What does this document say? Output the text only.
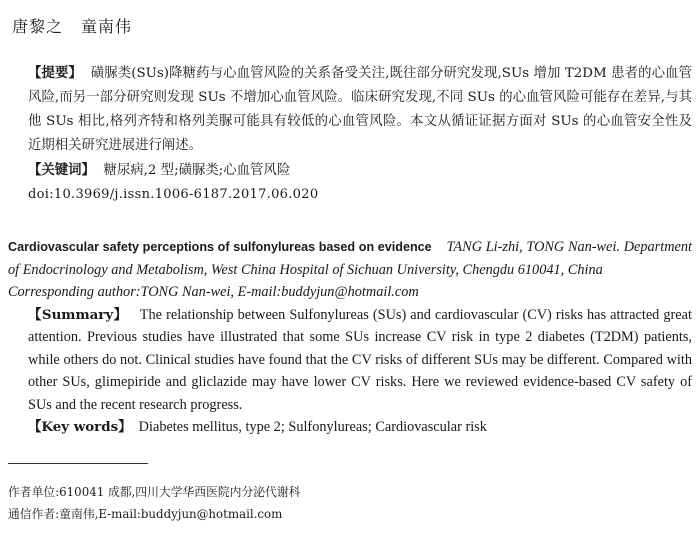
唐黎之 童南伟

【提要】 磺脲类(SUs)降糖药与心血管风险的关系备受关注,既往部分研究发现,SUs 增加 T2DM 患者的心血管风险,而另一部分研究则发现 SUs 不增加心血管风险。临床研究发现,不同 SUs 的心血管风险可能存在差异,与其他 SUs 相比,格列齐特和格列美脲可能具有较低的心血管风险。本文从循证证据方面对 SUs 的心血管安全性及近期相关研究进展进行阐述。

【关键词】 糖尿病,2 型;磺脲类;心血管风险

doi:10.3969/j.issn.1006-6187.2017.06.020

Cardiovascular safety perceptions of sulfonylureas based on evidence TANG Li-zhi, TONG Nan-wei. Department of Endocrinology and Metabolism, West China Hospital of Sichuan University, Chengdu 610041, China

Corresponding author:TONG Nan-wei, E-mail:buddyjun@hotmail.com

【Summary】 The relationship between Sulfonylureas (SUs) and cardiovascular (CV) risks has attracted great attention. Previous studies have illustrated that some SUs increase CV risk in type 2 diabetes (T2DM) patients, while others do not. Clinical studies have found that the CV risks of different SUs may be different. Compared with other SUs, glimepiride and gliclazide may have lower CV risks. Here we reviewed evidence-based CV safety of SUs and the recent research progress.

【Key words】 Diabetes mellitus, type 2; Sulfonylureas; Cardiovascular risk

作者单位:610041 成都,四川大学华西医院内分泌代谢科
通信作者:童南伟,E-mail:buddyjun@hotmail.com
